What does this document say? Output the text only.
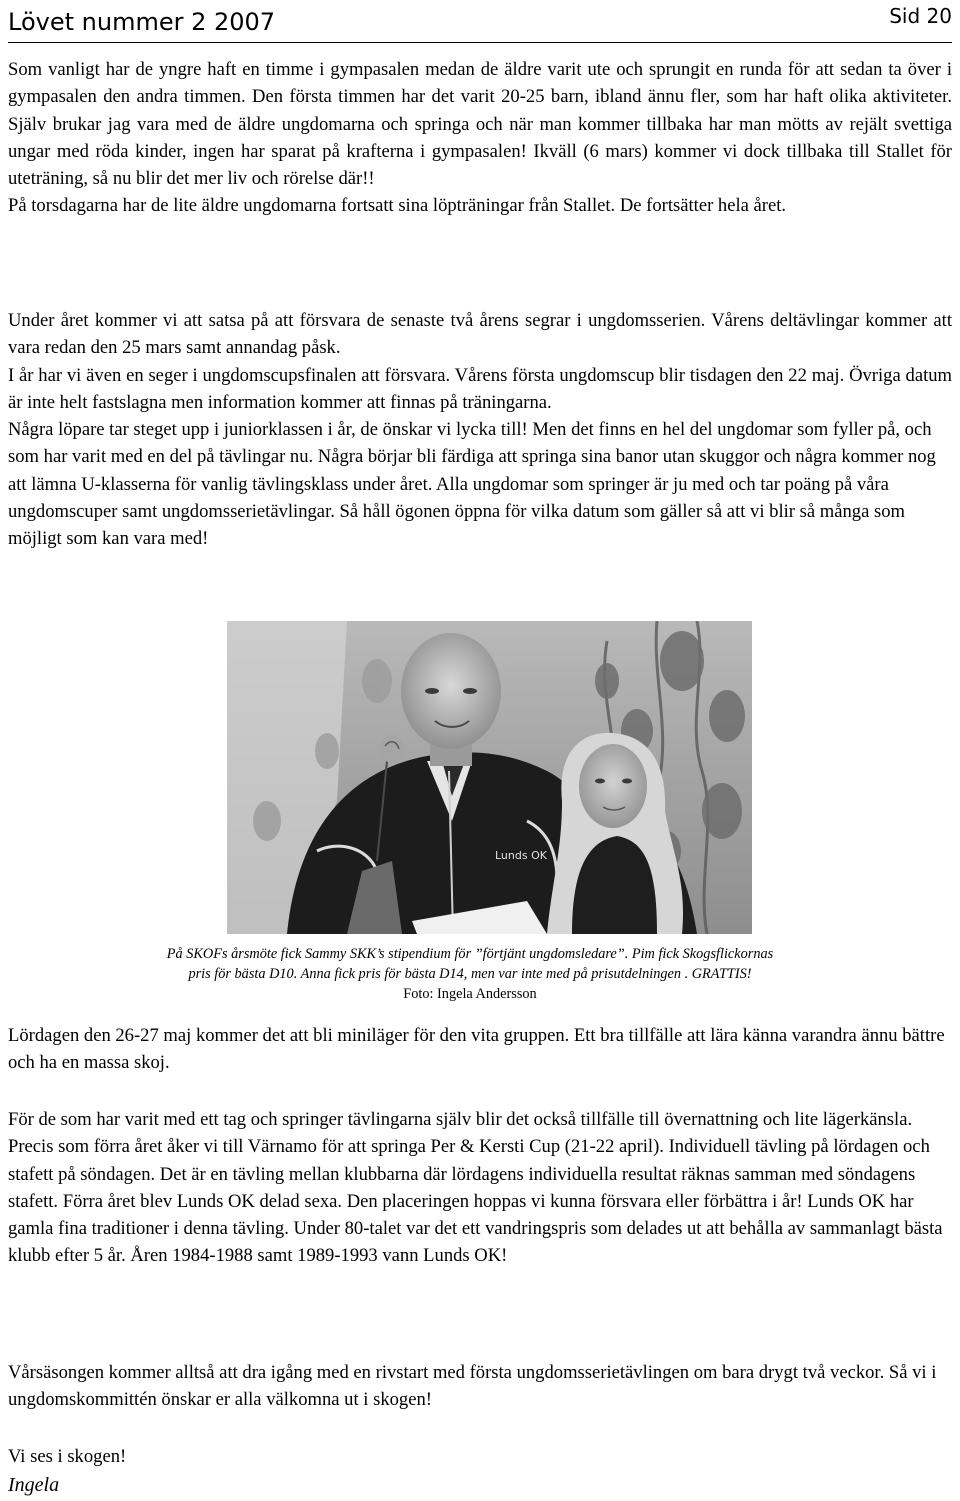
Lövet nummer 2 2007	Sid 20

Som vanligt har de yngre haft en timme i gympasalen medan de äldre varit ute och sprungit en runda för att sedan ta över i gympasalen den andra timmen. Den första timmen har det varit 20-25 barn, ibland ännu fler, som har haft olika aktiviteter. Själv brukar jag vara med de äldre ungdomarna och springa och när man kommer tillbaka har man mötts av rejält svettiga ungar med röda kinder, ingen har sparat på krafterna i gympasalen! Ikväll (6 mars) kommer vi dock tillbaka till Stallet för uteträning, så nu blir det mer liv och rörelse där!!

På torsdagarna har de lite äldre ungdomarna fortsatt sina löpträningar från Stallet. De fortsätter hela året.

Under året kommer vi att satsa på att försvara de senaste två årens segrar i ungdomsserien. Vårens deltävlingar kommer att vara redan den 25 mars samt annandag påsk.

I år har vi även en seger i ungdomscupsfinalen att försvara. Vårens första ungdomscup blir tisdagen den 22 maj. Övriga datum är inte helt fastslagna men information kommer att finnas på träningarna.

Några löpare tar steget upp i juniorklassen i år, de önskar vi lycka till! Men det finns en hel del ungdomar som fyller på, och som har varit med en del på tävlingar nu. Några börjar bli färdiga att springa sina banor utan skuggor och några kommer nog att lämna U-klasserna för vanlig tävlingsklass under året. Alla ungdomar som springer är ju med och tar poäng på våra ungdomscuper samt ungdomsserietävlingar. Så håll ögonen öppna för vilka datum som gäller så att vi blir så många som möjligt som kan vara med!

Lunds OK
På SKOFs årsmöte fick Sammy SKK’s stipendium för ”förtjänt ungdomsledare”. Pim fick Skogsflickornas
pris för bästa D10. Anna fick pris för bästa D14, men var inte med på prisutdelningen . GRATTIS!
Foto: Ingela Andersson

Lördagen den 26-27 maj kommer det att bli miniläger för den vita gruppen. Ett bra tillfälle att lära känna varandra ännu bättre och ha en massa skoj.

För de som har varit med ett tag och springer tävlingarna själv blir det också tillfälle till övernattning och lite lägerkänsla. Precis som förra året åker vi till Värnamo för att springa Per & Kersti Cup (21-22 april). Individuell tävling på lördagen och stafett på söndagen. Det är en tävling mellan klubbarna där lördagens individuella resultat räknas samman med söndagens stafett. Förra året blev Lunds OK delad sexa. Den placeringen hoppas vi kunna försvara eller förbättra i år! Lunds OK har gamla fina traditioner i denna tävling. Under 80-talet var det ett vandringspris som delades ut att behålla av sammanlagt bästa klubb efter 5 år. Åren 1984-1988 samt 1989-1993 vann Lunds OK!

Vårsäsongen kommer alltså att dra igång med en rivstart med första ungdomsserietävlingen om bara drygt två veckor. Så vi i ungdomskommittén önskar er alla välkomna ut i skogen!

Vi ses i skogen!

Ingela
